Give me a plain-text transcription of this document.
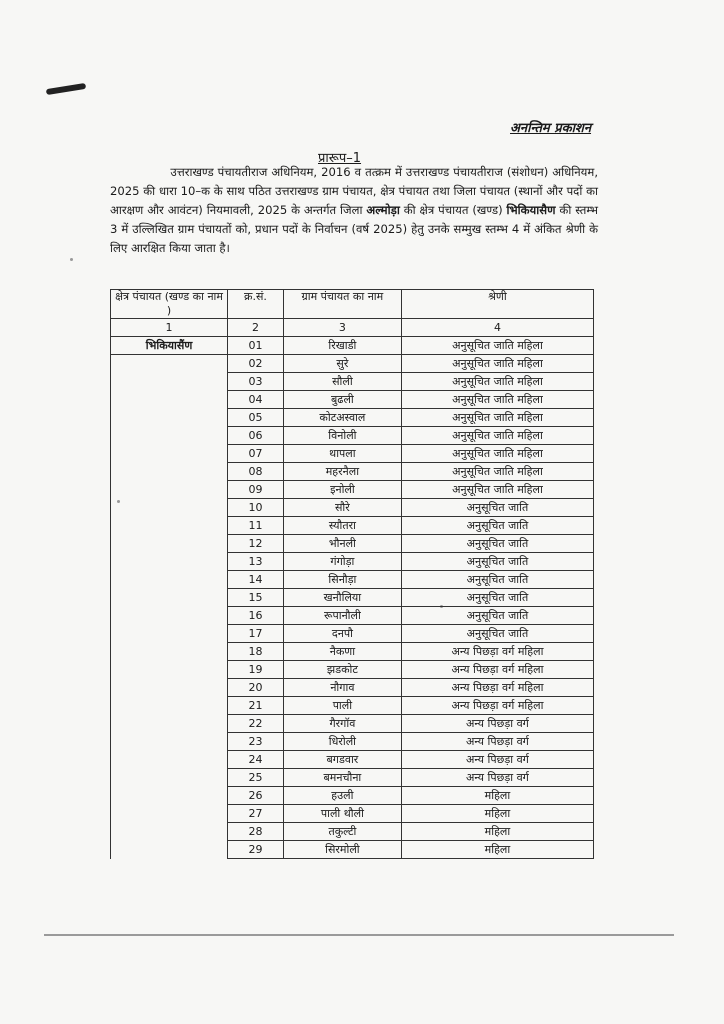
अनन्तिम प्रकाशन
प्रारूप–1
उत्तराखण्ड पंचायतीराज अधिनियम, 2016 व तत्क्रम में उत्तराखण्ड पंचायतीराज (संशोधन) अधिनियम, 2025 की धारा 10–क के साथ पठित उत्तराखण्ड ग्राम पंचायत, क्षेत्र पंचायत तथा जिला पंचायत (स्थानों और पदों का आरक्षण और आवंटन) नियमावली, 2025 के अन्तर्गत जिला अल्मोड़ा की क्षेत्र पंचायत (खण्ड) भिकियासैण की स्तम्भ 3 में उल्लिखित ग्राम पंचायतों को, प्रधान पदों के निर्वाचन (वर्ष 2025) हेतु उनके सम्मुख स्तम्भ 4 में अंकित श्रेणी के लिए आरक्षित किया जाता है।
क्षेत्र पंचायत (खण्ड का नाम )	क्र.सं.	ग्राम पंचायत का नाम	श्रेणी
1	2	3	4
भिकियासैंण	01	रिखाडी	अनुसूचित जाति महिला
	02	सुरे	अनुसूचित जाति महिला
	03	सौली	अनुसूचित जाति महिला
	04	बुढली	अनुसूचित जाति महिला
	05	कोटअस्वाल	अनुसूचित जाति महिला
	06	विनोली	अनुसूचित जाति महिला
	07	थापला	अनुसूचित जाति महिला
	08	महरनैला	अनुसूचित जाति महिला
	09	इनोली	अनुसूचित जाति महिला
	10	सौरे	अनुसूचित जाति
	11	स्यौतरा	अनुसूचित जाति
	12	भौनली	अनुसूचित जाति
	13	गंगोड़ा	अनुसूचित जाति
	14	सिनौड़ा	अनुसूचित जाति
	15	खनौलिया	अनुसूचित जाति
	16	रूपानौली	अनुसूचित जाति
	17	दनपौ	अनुसूचित जाति
	18	नैकणा	अन्य पिछड़ा वर्ग महिला
	19	झडकोट	अन्य पिछड़ा वर्ग महिला
	20	नौगाव	अन्य पिछड़ा वर्ग महिला
	21	पाली	अन्य पिछड़ा वर्ग महिला
	22	गैरगॉव	अन्य पिछड़ा वर्ग
	23	धिरोली	अन्य पिछड़ा वर्ग
	24	बगडवार	अन्य पिछड़ा वर्ग
	25	बमनचौना	अन्य पिछड़ा वर्ग
	26	हउली	महिला
	27	पाली थौली	महिला
	28	तकुल्टी	महिला
	29	सिरमोली	महिला
